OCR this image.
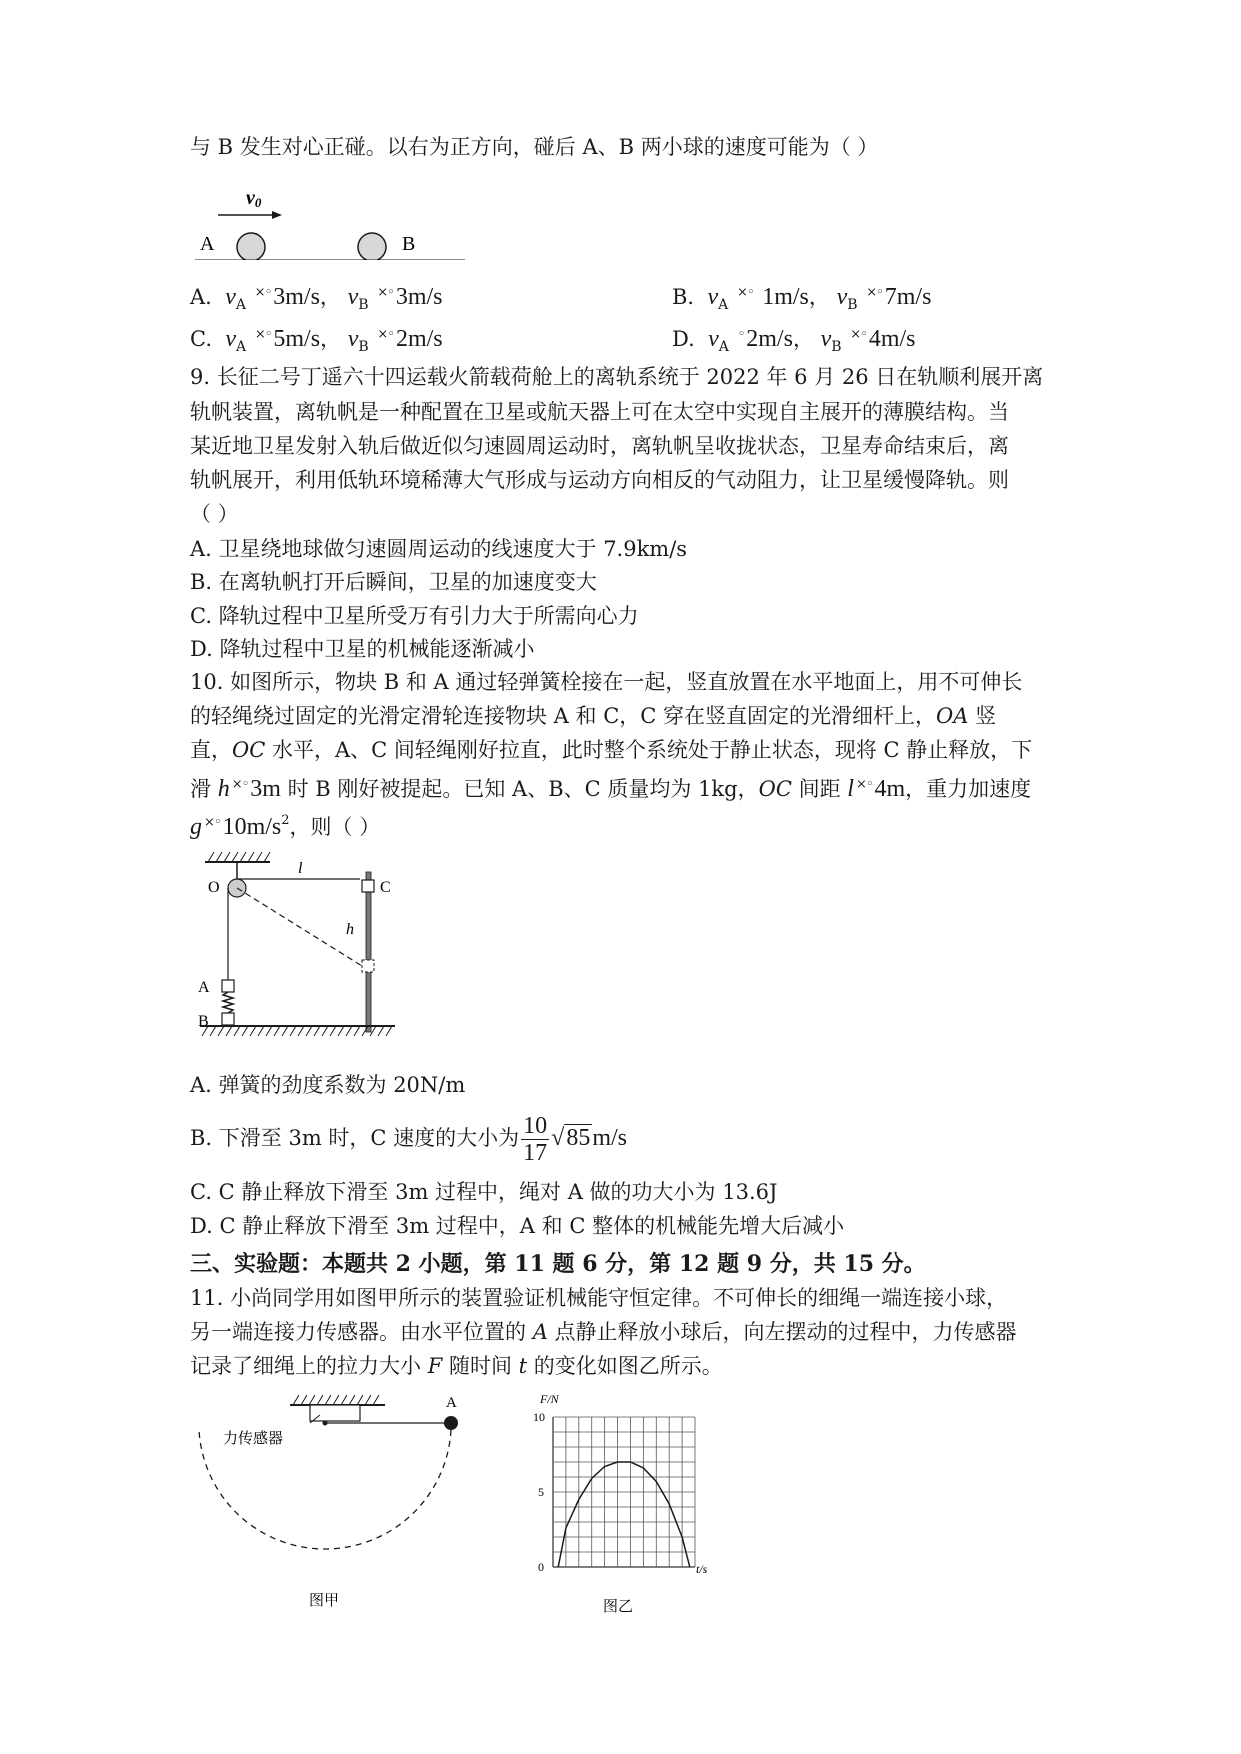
与 B 发生对心正碰。以右为正方向，碰后 A、B 两小球的速度可能为（ ）
v0
A	B
A. $v_A$ ×◦3m/s， $v_B$ ×◦3m/s	B. $v_A$ ×◦ 1m/s， $v_B$ ×◦7m/s
C. $v_A$ ×◦5m/s， $v_B$ ×◦2m/s	D. $v_A$ ◦2m/s， $v_B$ ×◦4m/s
9. 长征二号丁遥六十四运载火箭载荷舱上的离轨系统于 2022 年 6 月 26 日在轨顺利展开离
轨帆装置，离轨帆是一种配置在卫星或航天器上可在太空中实现自主展开的薄膜结构。当
某近地卫星发射入轨后做近似匀速圆周运动时，离轨帆呈收拢状态，卫星寿命结束后，离
轨帆展开，利用低轨环境稀薄大气形成与运动方向相反的气动阻力，让卫星缓慢降轨。则
（ ）
A. 卫星绕地球做匀速圆周运动的线速度大于 7.9km/s
B. 在离轨帆打开后瞬间，卫星的加速度变大
C. 降轨过程中卫星所受万有引力大于所需向心力
D. 降轨过程中卫星的机械能逐渐减小
10. 如图所示，物块 B 和 A 通过轻弹簧栓接在一起，竖直放置在水平地面上，用不可伸长
的轻绳绕过固定的光滑定滑轮连接物块 A 和 C，C 穿在竖直固定的光滑细杆上，OA 竖
直，OC 水平，A、C 间轻绳刚好拉直，此时整个系统处于静止状态，现将 C 静止释放，下
滑 h ×◦3m 时 B 刚好被提起。已知 A、B、C 质量均为 1kg，OC 间距 l ×◦4m，重力加速度
g $^{\times◦}10m/s^2$，则（ ）
O
l
C
h
A
B
A. 弹簧的劲度系数为 20N/m
B. 下滑至 3m 时，C 速度的大小为 $\frac{10}{17} √85m/s$
C. C 静止释放下滑至 3m 过程中，绳对 A 做的功大小为 13.6J
D. C 静止释放下滑至 3m 过程中，A 和 C 整体的机械能先增大后减小
三、实验题：本题共 2 小题，第 11 题 6 分，第 12 题 9 分，共 15 分。
11. 小尚同学用如图甲所示的装置验证机械能守恒定律。不可伸长的细绳一端连接小球，
另一端连接力传感器。由水平位置的 A 点静止释放小球后，向左摆动的过程中，力传感器
记录了细绳上的拉力大小 F 随时间 t 的变化如图乙所示。
力传感器
A
图甲
F/N
t/s
0
5
10
图乙
